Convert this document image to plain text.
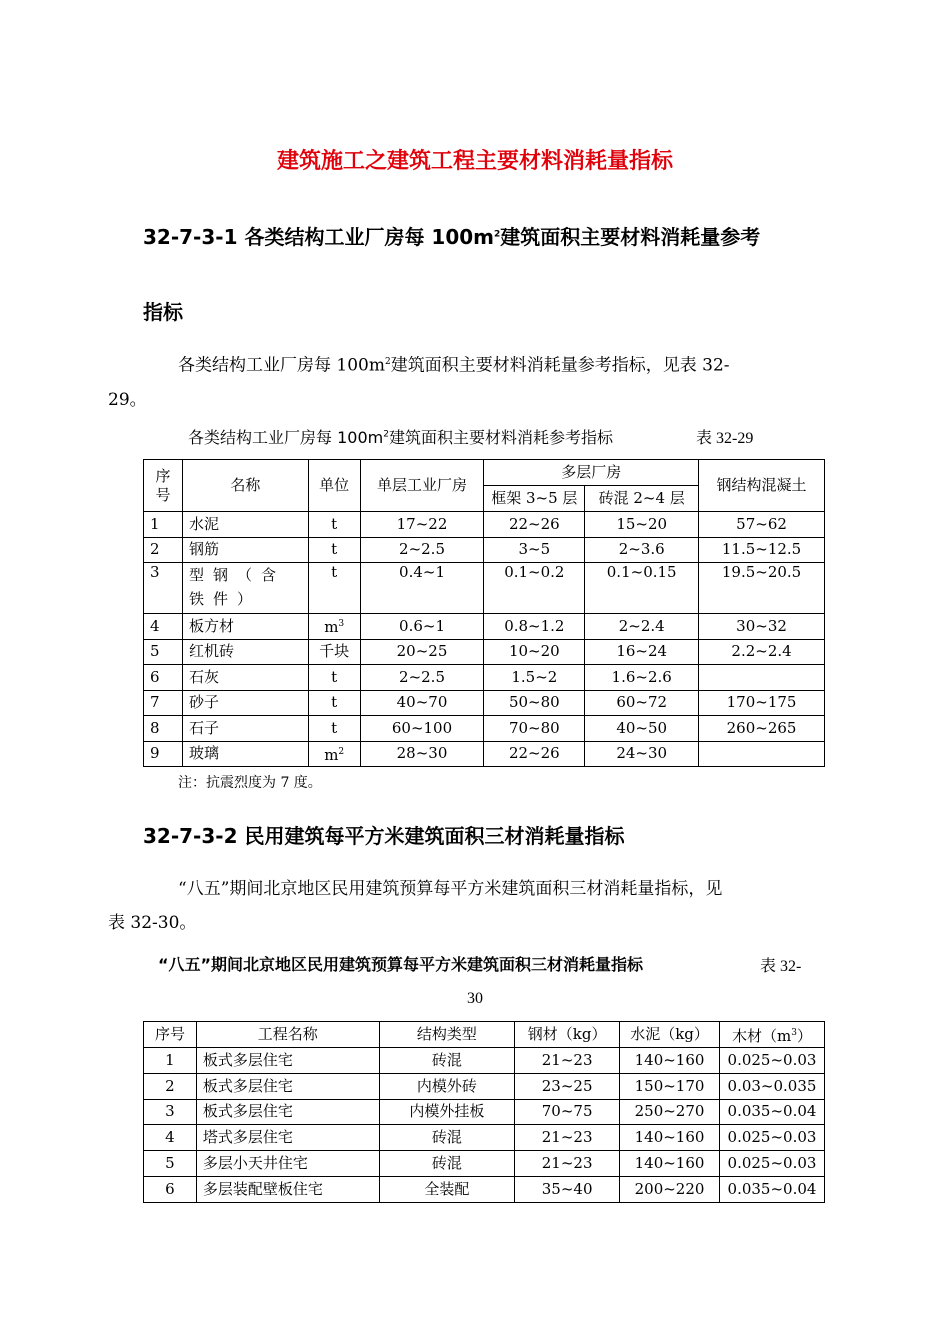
建筑施工之建筑工程主要材料消耗量指标
32-7-3-1 各类结构工业厂房每 $100m^2$建筑面积主要材料消耗量参考
指标
各类结构工业厂房每 $100m^2$建筑面积主要材料消耗量参考指标，见表 32-
29。
各类结构工业厂房每 $100m^2$建筑面积主要材料消耗参考指标	表 32-29
序号	名称	单位	单层工业厂房	多层厂房		钢结构混凝土
				框架 3~5 层	砖混 2~4 层	
1	水泥	t	17~22	22~26	15~20	57~62
2	钢筋	t	2~2.5	3~5	2~3.6	11.5~12.5
3	型钢（含铁件）	t	0.4~1	0.1~0.2	0.1~0.15	19.5~20.5
4	板方材	$m^3$	0.6~1	0.8~1.2	2~2.4	30~32
5	红机砖	千块	20~25	10~20	16~24	2.2~2.4
6	石灰	t	2~2.5	1.5~2	1.6~2.6	
7	砂子	t	40~70	50~80	60~72	170~175
8	石子	t	60~100	70~80	40~50	260~265
9	玻璃	$m^2$	28~30	22~26	24~30	
注：抗震烈度为 7 度。
32-7-3-2 民用建筑每平方米建筑面积三材消耗量指标
“八五”期间北京地区民用建筑预算每平方米建筑面积三材消耗量指标，见
表 32-30。
“八五”期间北京地区民用建筑预算每平方米建筑面积三材消耗量指标	表 32-
30
序号	工程名称	结构类型	钢材（kg）	水泥（kg）	木材$(m^3)$
1	板式多层住宅	砖混	21~23	140~160	0.025~0.03
2	板式多层住宅	内模外砖	23~25	150~170	0.03~0.035
3	板式多层住宅	内模外挂板	70~75	250~270	0.035~0.04
4	塔式多层住宅	砖混	21~23	140~160	0.025~0.03
5	多层小天井住宅	砖混	21~23	140~160	0.025~0.03
6	多层装配壁板住宅	全装配	35~40	200~220	0.035~0.04
